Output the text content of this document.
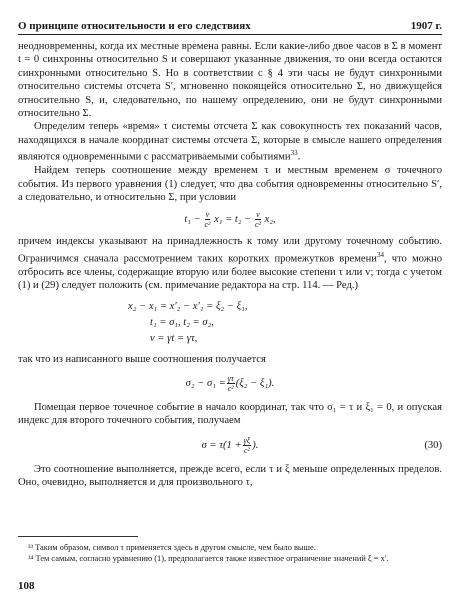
О принципе относительности и его следствиях	1907 г.

неодновременны, когда их местные времена равны. Если какие-либо двое часов в Σ в момент t = 0 синхронны относительно S и совершают указанные движения, то они всегда остаются синхронными относительно S. Но в соответствии с § 4 эти часы не будут синхронными относительно системы отсчета S′, мгновенно покоящейся относительно Σ, но движущейся относительно S, и, следовательно, по нашему определению, они не будут синхронными относительно Σ.

Определим теперь «время» τ системы отсчета Σ как совокупность тех показаний часов, находящихся в начале координат системы отсчета Σ, которые в смысле нашего определения являются одновременными с рассматриваемыми событиями$^{33}$.

Найдем теперь соотношение между временем τ и местным временем σ точечного события. Из первого уравнения (1) следует, что два события одновременны относительно S′, а следовательно, и относительно Σ, при условии

$t_1 - \frac{v}{\text{c²}} x_1 = t_2 - \frac{v}{\text{c²}} x_2$,

причем индексы указывают на принадлежность к тому или другому точечному событию. Ограничимся сначала рассмотрением таких коротких промежутков времени$^{34}$, что можно отбросить все члены, содержащие вторую или более высокие степени τ или v; тогда с учетом (1) и (29) следует положить (см. примечание редактора на стр. 114. — Ред.)

x₂ − x₁ = x′₂ − x′₁ = ξ₂ − ξ₁,
t₁ = σ₁, t₂ = σ₂,
v = γt = γτ,

так что из написанного выше соотношения получается

$\sigma_2 - \sigma_1 = \frac{\gamma\tau}{\text{c²}} (\xi_2 - \xi_1)$.

Помещая первое точечное событие в начало координат, так что σ₁ = τ и ξ₁ = 0, и опуская индекс для второго точечного события, получаем

$\sigma = \tau(1 + \frac{\gamma\xi}{\text{c²}}$ ).	(30)

Это соотношение выполняется, прежде всего, если τ и ξ меньше определенных пределов. Оно, очевидно, выполняется и для произвольного τ,

³³ Таким образом, символ τ применяется здесь в другом смысле, чем было выше.
³⁴ Тем самым, согласно уравнению (1), предполагается также известное ограничение значений ξ = x′.
108
